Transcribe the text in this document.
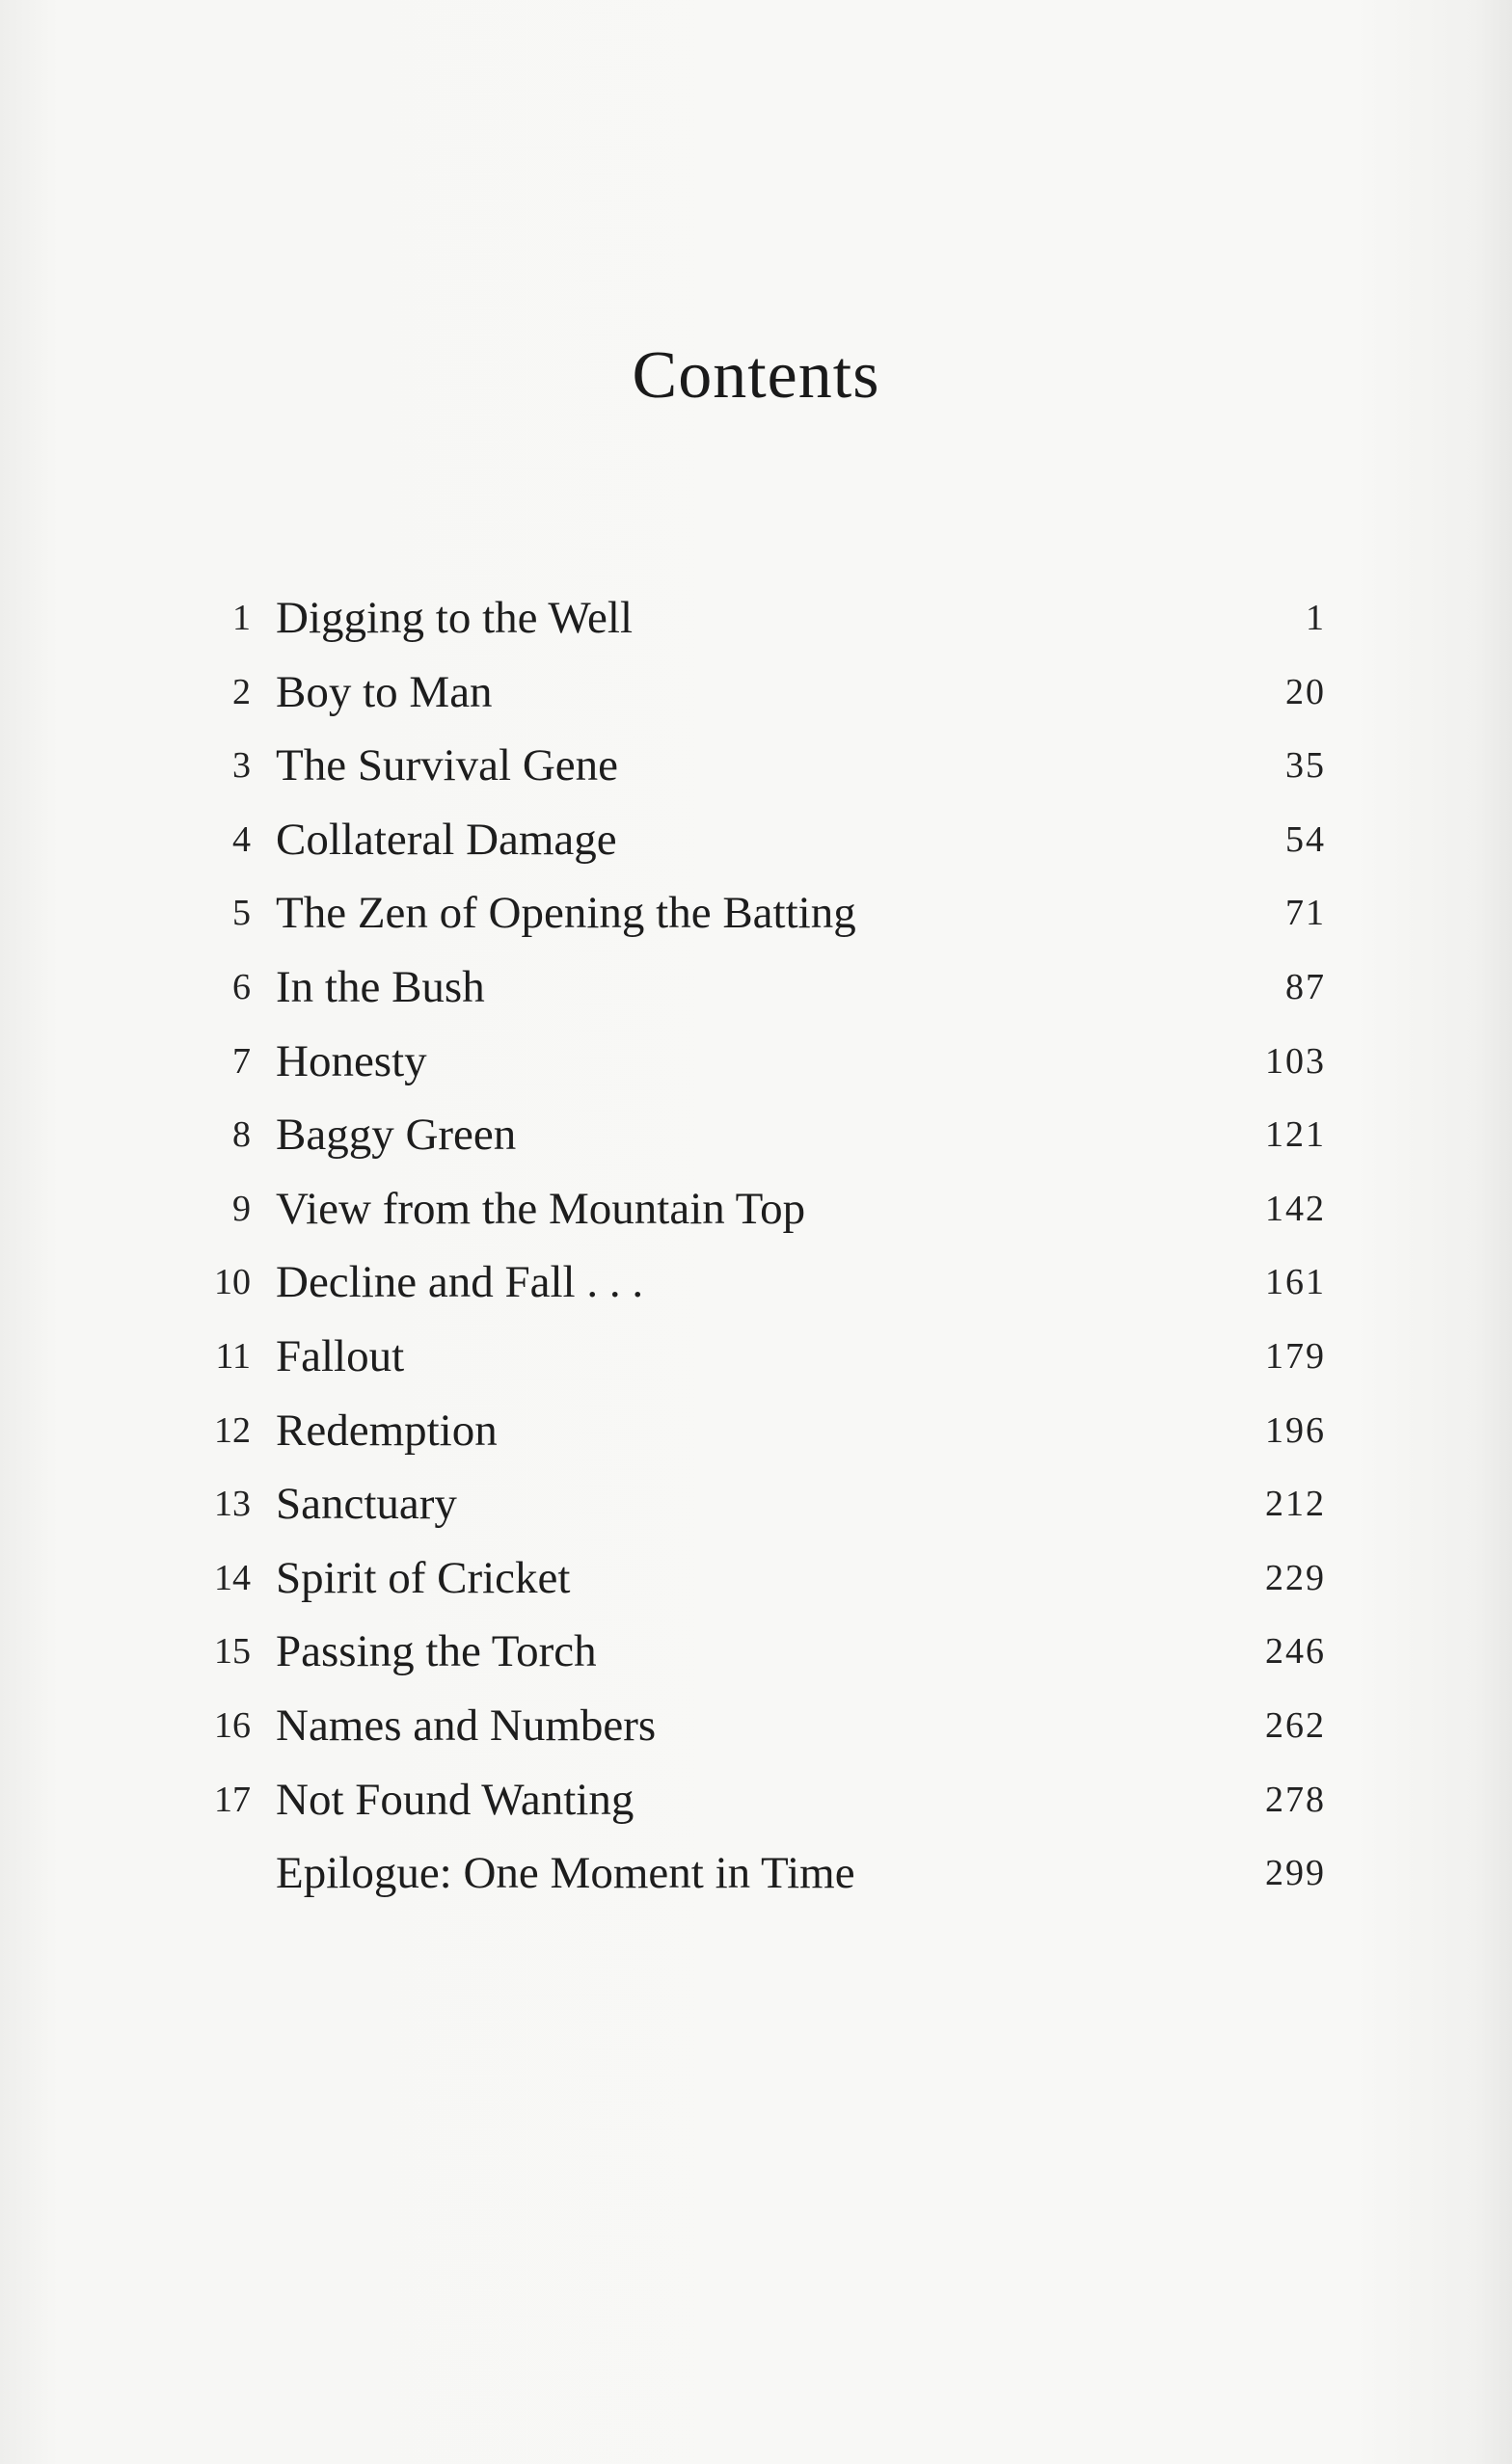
Contents
1 Digging to the Well	1
2 Boy to Man	20
3 The Survival Gene	35
4 Collateral Damage	54
5 The Zen of Opening the Batting	71
6 In the Bush	87
7 Honesty	103
8 Baggy Green	121
9 View from the Mountain Top	142
10 Decline and Fall . . .	161
11 Fallout	179
12 Redemption	196
13 Sanctuary	212
14 Spirit of Cricket	229
15 Passing the Torch	246
16 Names and Numbers	262
17 Not Found Wanting	278
Epilogue: One Moment in Time	299
